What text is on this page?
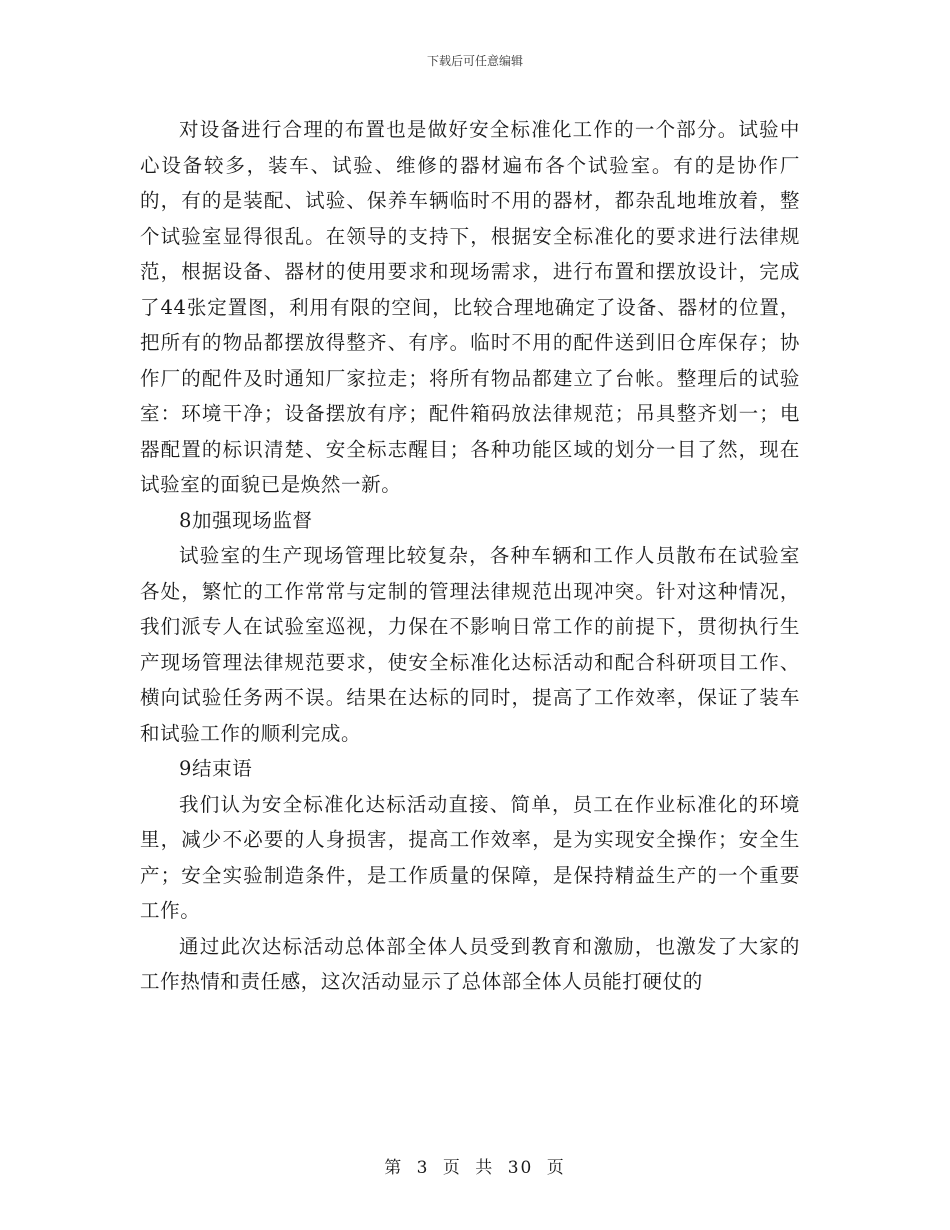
下载后可任意编辑

对设备进行合理的布置也是做好安全标准化工作的一个部分。试验中心设备较多，装车、试验、维修的器材遍布各个试验室。有的是协作厂的，有的是装配、试验、保养车辆临时不用的器材，都杂乱地堆放着，整个试验室显得很乱。在领导的支持下，根据安全标准化的要求进行法律规范，根据设备、器材的使用要求和现场需求，进行布置和摆放设计，完成了44张定置图，利用有限的空间，比较合理地确定了设备、器材的位置，把所有的物品都摆放得整齐、有序。临时不用的配件送到旧仓库保存；协作厂的配件及时通知厂家拉走；将所有物品都建立了台帐。整理后的试验室：环境干净；设备摆放有序；配件箱码放法律规范；吊具整齐划一；电器配置的标识清楚、安全标志醒目；各种功能区域的划分一目了然，现在试验室的面貌已是焕然一新。

8加强现场监督

试验室的生产现场管理比较复杂，各种车辆和工作人员散布在试验室各处，繁忙的工作常常与定制的管理法律规范出现冲突。针对这种情况，我们派专人在试验室巡视，力保在不影响日常工作的前提下，贯彻执行生产现场管理法律规范要求，使安全标准化达标活动和配合科研项目工作、横向试验任务两不误。结果在达标的同时，提高了工作效率，保证了装车和试验工作的顺利完成。

9结束语

我们认为安全标准化达标活动直接、简单，员工在作业标准化的环境里，减少不必要的人身损害，提高工作效率，是为实现安全操作；安全生产；安全实验制造条件，是工作质量的保障，是保持精益生产的一个重要工作。

通过此次达标活动总体部全体人员受到教育和激励，也激发了大家的工作热情和责任感，这次活动显示了总体部全体人员能打硬仗的

第 3 页 共 30 页
